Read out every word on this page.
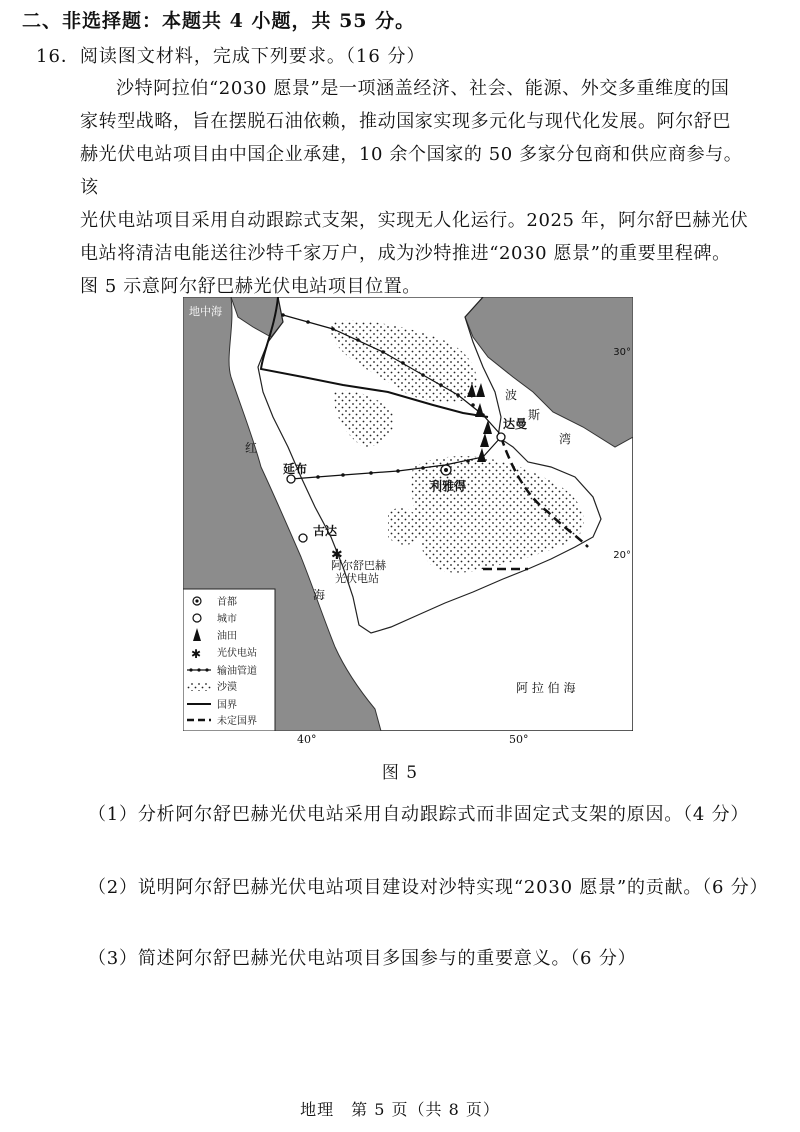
二、非选择题：本题共 4 小题，共 55 分。
16．阅读图文材料，完成下列要求。（16 分）

沙特阿拉伯“2030 愿景”是一项涵盖经济、社会、能源、外交多重维度的国

家转型战略，旨在摆脱石油依赖，推动国家实现多元化与现代化发展。阿尔舒巴

赫光伏电站项目由中国企业承建，10 余个国家的 50 多家分包商和供应商参与。该

光伏电站项目采用自动跟踪式支架，实现无人化运行。2025 年，阿尔舒巴赫光伏

电站将清洁电能送往沙特千家万户，成为沙特推进“2030 愿景”的重要里程碑。

图 5 示意阿尔舒巴赫光伏电站项目位置。

✱
地中海
红
海
波
斯
湾
阿 拉 伯 海
延布
利雅得
古达
达曼
阿尔舒巴赫
光伏电站
30°
20°
首都
城市
油田
✱ 光伏电站
输油管道
沙漠
国界
未定国界
40°	50°
图 5
（1）分析阿尔舒巴赫光伏电站采用自动跟踪式而非固定式支架的原因。（4 分）
（2）说明阿尔舒巴赫光伏电站项目建设对沙特实现“2030 愿景”的贡献。（6 分）
（3）简述阿尔舒巴赫光伏电站项目多国参与的重要意义。（6 分）
地理　第 5 页（共 8 页）
